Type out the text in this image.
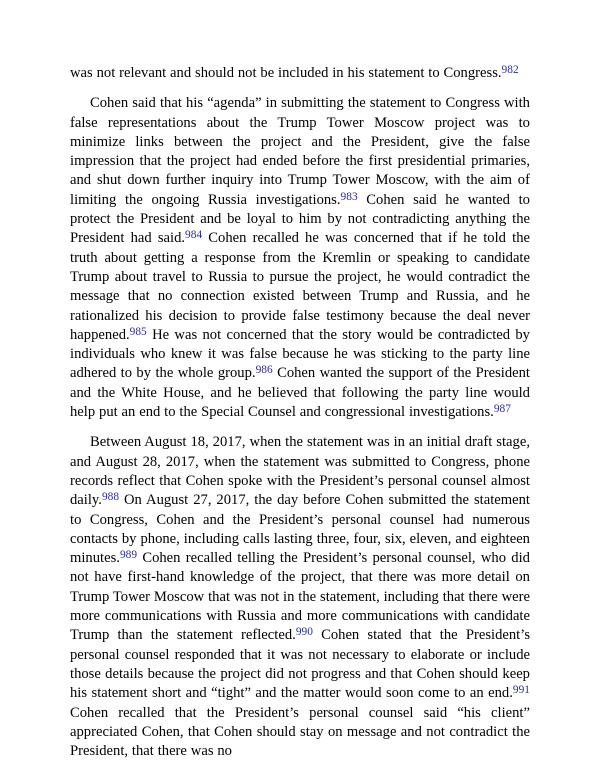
was not relevant and should not be included in his statement to Congress.$^{982}$

Cohen said that his “agenda” in submitting the statement to Congress with false representations about the Trump Tower Moscow project was to minimize links between the project and the President, give the false impression that the project had ended before the first presidential primaries, and shut down further inquiry into Trump Tower Moscow, with the aim of limiting the ongoing Russia investigations.$^{983}$ Cohen said he wanted to protect the President and be loyal to him by not contradicting anything the President had said.$^{984}$ Cohen recalled he was concerned that if he told the truth about getting a response from the Kremlin or speaking to candidate Trump about travel to Russia to pursue the project, he would contradict the message that no connection existed between Trump and Russia, and he rationalized his decision to provide false testimony because the deal never happened.$^{985}$ He was not concerned that the story would be contradicted by individuals who knew it was false because he was sticking to the party line adhered to by the whole group.$^{986}$ Cohen wanted the support of the President and the White House, and he believed that following the party line would help put an end to the Special Counsel and congressional investigations.$^{987}$

Between August 18, 2017, when the statement was in an initial draft stage, and August 28, 2017, when the statement was submitted to Congress, phone records reflect that Cohen spoke with the President’s personal counsel almost daily.$^{988}$ On August 27, 2017, the day before Cohen submitted the statement to Congress, Cohen and the President’s personal counsel had numerous contacts by phone, including calls lasting three, four, six, eleven, and eighteen minutes.$^{989}$ Cohen recalled telling the President’s personal counsel, who did not have first-hand knowledge of the project, that there was more detail on Trump Tower Moscow that was not in the statement, including that there were more communications with Russia and more communications with candidate Trump than the statement reflected.$^{990}$ Cohen stated that the President’s personal counsel responded that it was not necessary to elaborate or include those details because the project did not progress and that Cohen should keep his statement short and “tight” and the matter would soon come to an end.$^{991}$ Cohen recalled that the President’s personal counsel said “his client” appreciated Cohen, that Cohen should stay on message and not contradict the President, that there was no
